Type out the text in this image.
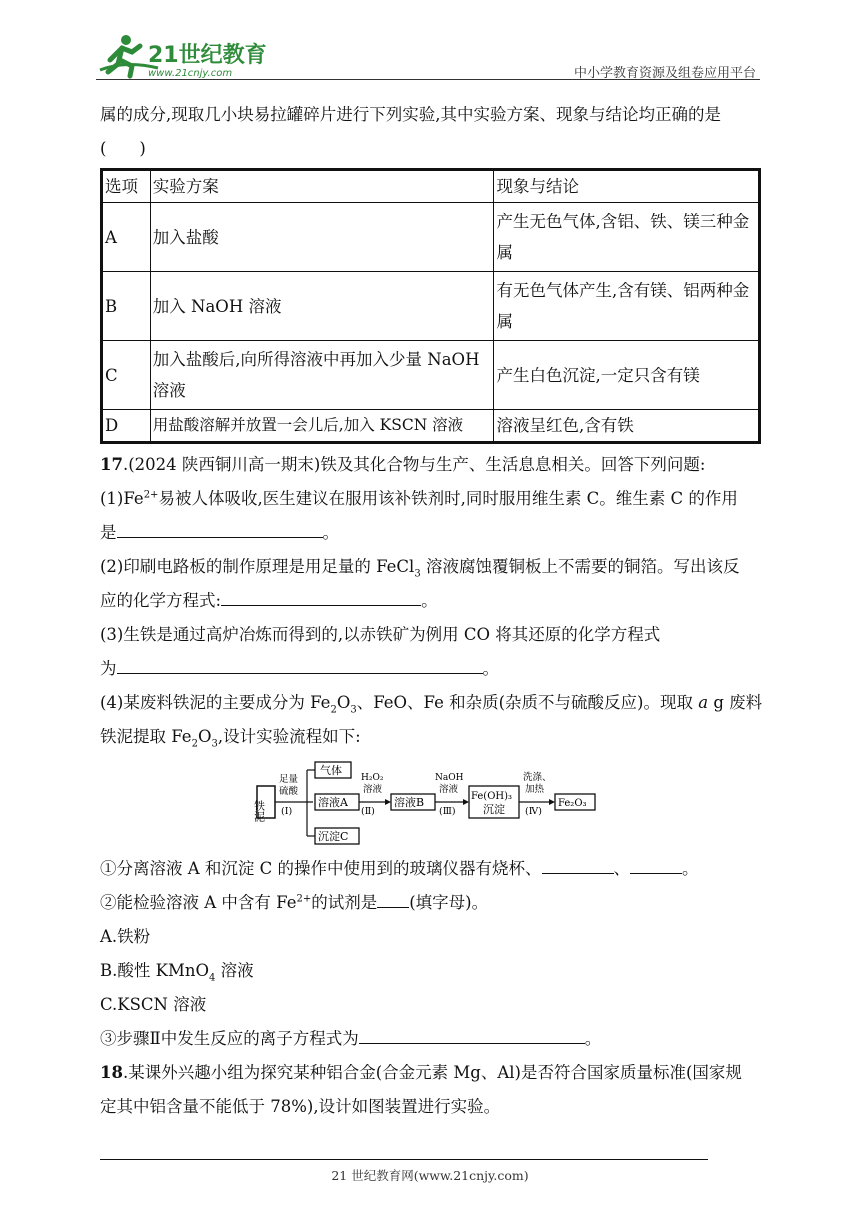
21世纪教育
www.21cnjy.com	中小学教育资源及组卷应用平台

属的成分,现取几小块易拉罐碎片进行下列实验,其中实验方案、现象与结论均正确的是

(　　)

选项	实验方案	现象与结论
A	加入盐酸	产生无色气体,含铝、铁、镁三种金属
B	加入 NaOH 溶液	有无色气体产生,含有镁、铝两种金属
C	加入盐酸后,向所得溶液中再加入少量 NaOH溶液	产生白色沉淀,一定只含有镁
D	用盐酸溶解并放置一会儿后,加入 KSCN 溶液	溶液呈红色,含有铁

17.(2024 陕西铜川高一期末)铁及其化合物与生产、生活息息相关。回答下列问题:

$(1)Fe^{2+}$易被人体吸收,医生建议在服用该补铁剂时,同时服用维生素 C。维生素 C 的作用

是	。

(2)印刷电路板的制作原理是用足量的 FeCl$_3$ 溶液腐蚀覆铜板上不需要的铜箔。写出该反

应的化学方程式:	。

(3)生铁是通过高炉冶炼而得到的,以赤铁矿为例用 CO 将其还原的化学方程式

为	。

(4)某废料铁泥的主要成分为 $Fe_2O_3$、FeO、Fe 和杂质(杂质不与硫酸反应)。现取 a g 废料

铁泥提取 $Fe_2O_3$,设计实验流程如下:

铁泥
足量
硫酸
(Ⅰ)
气体
溶液A
沉淀C
H₂O₂
溶液
(Ⅱ)
溶液B
NaOH
溶液
(Ⅲ)
Fe(OH)₃
沉淀
洗涤、
加热
(Ⅳ)
Fe₂O₃

①分离溶液 A 和沉淀 C 的操作中使用到的玻璃仪器有烧杯、	、	。

②能检验溶液 A 中含有 $Fe^{2+}$的试剂是 (填字母)。

A.铁粉

B.酸性 KMnO$_4$ 溶液

C.KSCN 溶液

③步骤Ⅱ中发生反应的离子方程式为	。

18.某课外兴趣小组为探究某种铝合金(合金元素 Mg、Al)是否符合国家质量标准(国家规

定其中铝含量不能低于 78%),设计如图装置进行实验。

21 世纪教育网(www.21cnjy.com)
